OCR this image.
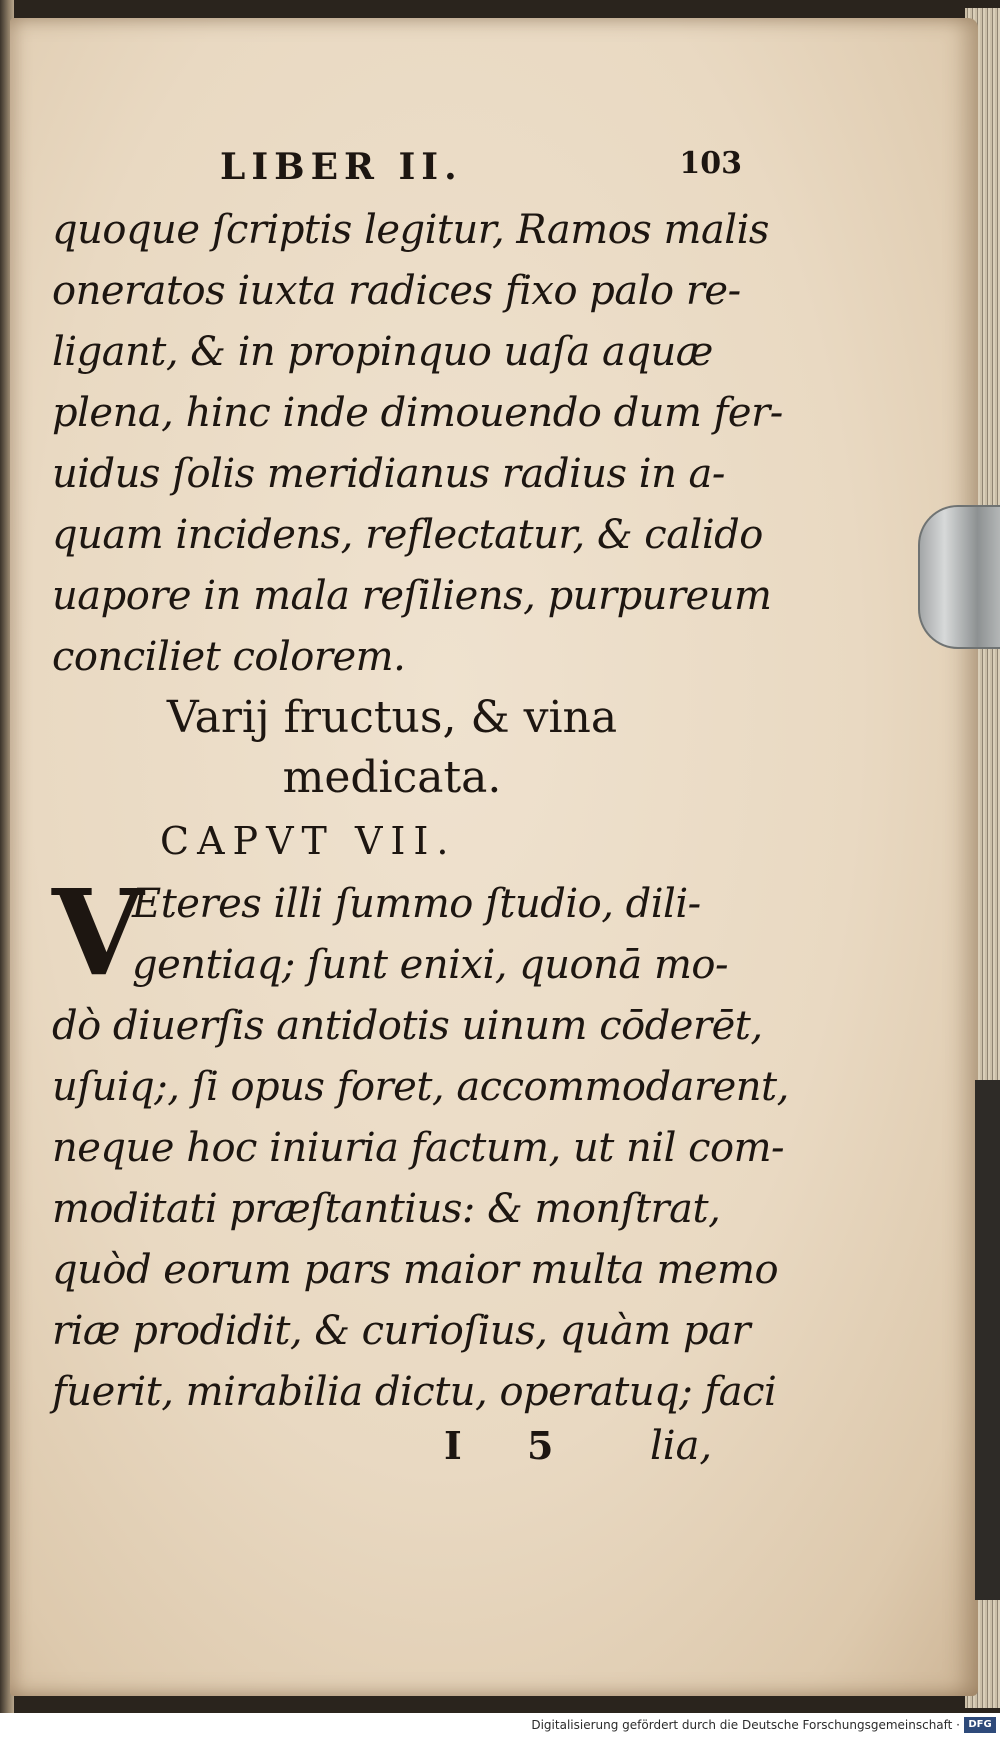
LIBER II.	103
quoque ſcriptis legitur, Ramos malis
oneratos iuxta radices fixo palo re-
ligant, & in propinquo uaſa aquæ
plena, hinc inde dimouendo dum fer-
uidus ſolis meridianus radius in a-
quam incidens, reflectatur, & calido
uapore in mala reſiliens, purpureum
conciliet colorem.
Varij fructus, & vina
medicata.
CAPVT VII.
V
Eteres illi ſummo ſtudio, dili-
gentiaq; ſunt enixi, quonā mo-
dò diuerſis antidotis uinum cōderēt,
uſuiq;, ſi opus foret, accommodarent,
neque hoc iniuria factum, ut nil com-
moditati præſtantius: & monſtrat,
quòd eorum pars maior multa memo
riæ prodidit, & curioſius, quàm par
fuerit, mirabilia dictu, operatuq; faci
I 5 lia,
Digitalisierung gefördert durch die Deutsche Forschungsgemeinschaft · DFG
